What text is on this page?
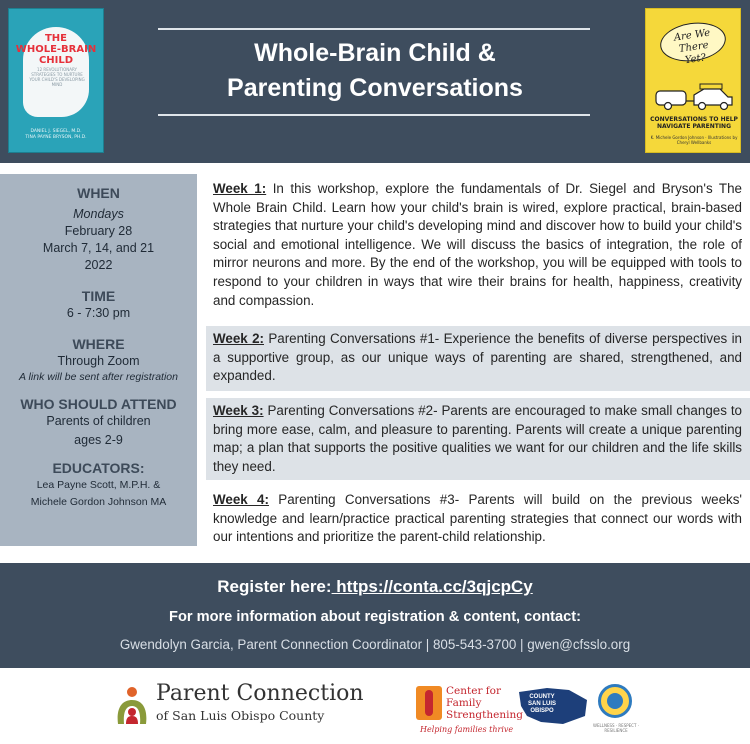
THE
WHOLE-BRAIN
CHILD
12 REVOLUTIONARY STRATEGIES TO NURTURE YOUR CHILD'S DEVELOPING MIND
DANIEL J. SIEGEL, M.D.
TINA PAYNE BRYSON, PH.D.
Whole-Brain Child &
Parenting Conversations
Are We There
Yet?
CONVERSATIONS TO HELP
NAVIGATE PARENTING
K. Michele Gordon Johnson · Illustrations by Cheryl Wellbanks
WHEN
Mondays
February 28
March 7, 14, and 21
2022
TIME
6 - 7:30 pm
WHERE
Through Zoom
A link will be sent after registration
WHO SHOULD ATTEND
Parents of children
ages 2-9
EDUCATORS:
Lea Payne Scott, M.P.H. &
Michele Gordon Johnson MA
Week 1: In this workshop, explore the fundamentals of Dr. Siegel and Bryson's The Whole Brain Child. Learn how your child's brain is wired, explore practical, brain-based strategies that nurture your child's developing mind and discover how to build your child's social and emotional intelligence. We will discuss the basics of integration, the role of mirror neurons and more. By the end of the workshop, you will be equipped with tools to respond to your children in ways that wire their brains for health, happiness, creativity and compassion.
Week 2: Parenting Conversations #1- Experience the benefits of diverse perspectives in a supportive group, as our unique ways of parenting are shared, strengthened, and expanded.
Week 3: Parenting Conversations #2- Parents are encouraged to make small changes to bring more ease, calm, and pleasure to parenting. Parents will create a unique parenting map; a plan that supports the positive qualities we want for our children and the life skills they need.
Week 4: Parenting Conversations #3- Parents will build on the previous weeks' knowledge and learn/practice practical parenting strategies that connect our words with our intentions and prioritize the parent-child relationship.
Register here: https://conta.cc/3qjcpCy
For more information about registration & content, contact:
Gwendolyn Garcia, Parent Connection Coordinator | 805-543-3700 | gwen@cfsslo.org
Parent Connection
of San Luis Obispo County
Center for
Family
Strengthening
Helping families thrive
COUNTY
SAN LUIS
OBISPO
WELLNESS · RESPECT · RESILIENCE
